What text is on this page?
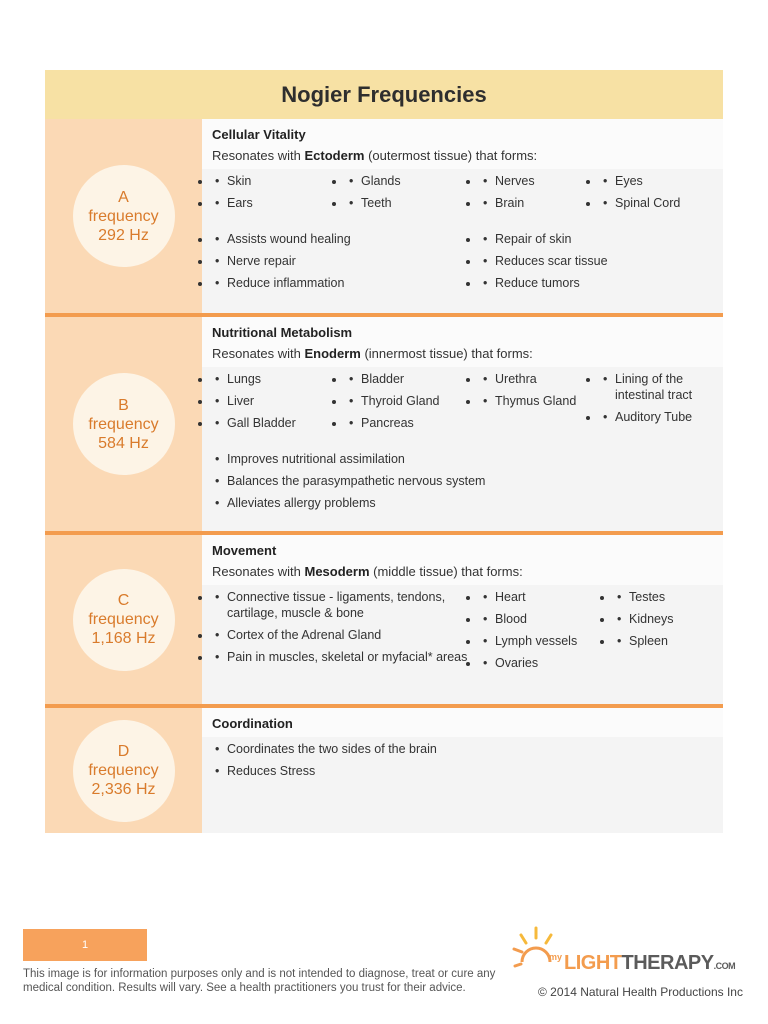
Nogier Frequencies
A
frequency
292 Hz
Cellular Vitality
Resonates with Ectoderm (outermost tissue) that forms:
• • Skin
• • Ears
• • Glands
• • Teeth
• • Nerves
• • Brain
• • Eyes
• • Spinal Cord
• • Assists wound healing
• • Nerve repair
• • Reduce inflammation
• • Repair of skin
• • Reduces scar tissue
• • Reduce tumors
B
frequency
584 Hz
Nutritional Metabolism
Resonates with Enoderm (innermost tissue) that forms:
• • Lungs
• • Liver
• • Gall Bladder
• • Bladder
• • Thyroid Gland
• • Pancreas
• • Urethra
• • Thymus Gland
• • Lining of the intestinal tract
• • Auditory Tube
• Improves nutritional assimilation
• Balances the parasympathetic nervous system
• Alleviates allergy problems
C
frequency
1,168 Hz
Movement
Resonates with Mesoderm (middle tissue) that forms:
• • Connective tissue - ligaments, tendons, cartilage, muscle & bone
• • Cortex of the Adrenal Gland
• • Pain in muscles, skeletal or myfacial* areas
• • Heart
• • Blood
• • Lymph vessels
• • Ovaries
• • Testes
• • Kidneys
• • Spleen
D
frequency
2,336 Hz
Coordination
• Coordinates the two sides of the brain
• Reduces Stress
1
This image is for information purposes only and is not intended to diagnose, treat or cure any medical condition. Results will vary. See a health practitioners you trust for their advice.
my LIGHTTHERAPY.COM
© 2014 Natural Health Productions Inc
